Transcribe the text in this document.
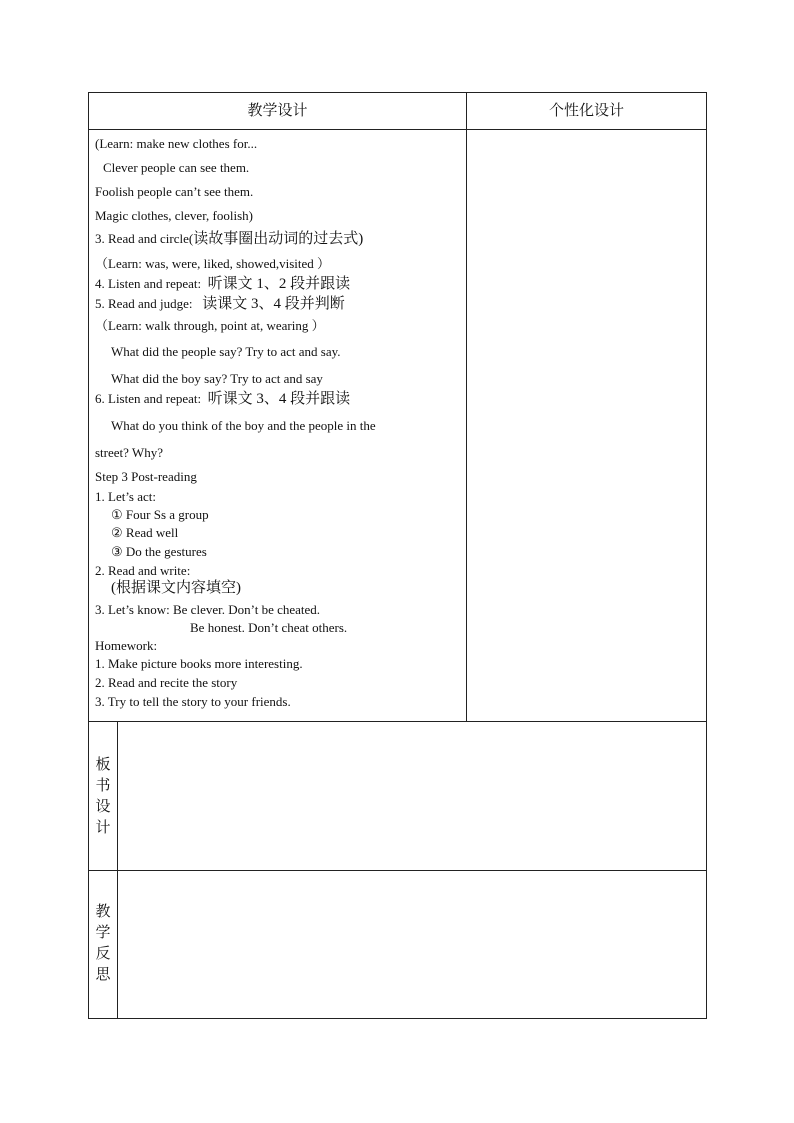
教学设计	个性化设计
(Learn: make new clothes for...
Clever people can see them.
Foolish people can’t see them.
Magic clothes, clever, foolish)
3. Read and circle(读故事圈出动词的过去式)
（Learn: was, were, liked, showed,visited ）
4. Listen and repeat: 听课文 1、2 段并跟读
5. Read and judge: 读课文 3、4 段并判断
（Learn: walk through, point at, wearing ）
What did the people say? Try to act and say.
What did the boy say? Try to act and say
6. Listen and repeat: 听课文 3、4 段并跟读
What do you think of the boy and the people in the
street? Why?
Step 3 Post-reading
1. Let’s act:
① Four Ss a group
② Read well
③ Do the gestures
2. Read and write:
(根据课文内容填空)
3. Let’s know: Be clever. Don’t be cheated.
Be honest. Don’t cheat others.
Homework:
1. Make picture books more interesting.
2. Read and recite the story
3. Try to tell the story to your friends.
板
书
设
计
教
学
反
思
